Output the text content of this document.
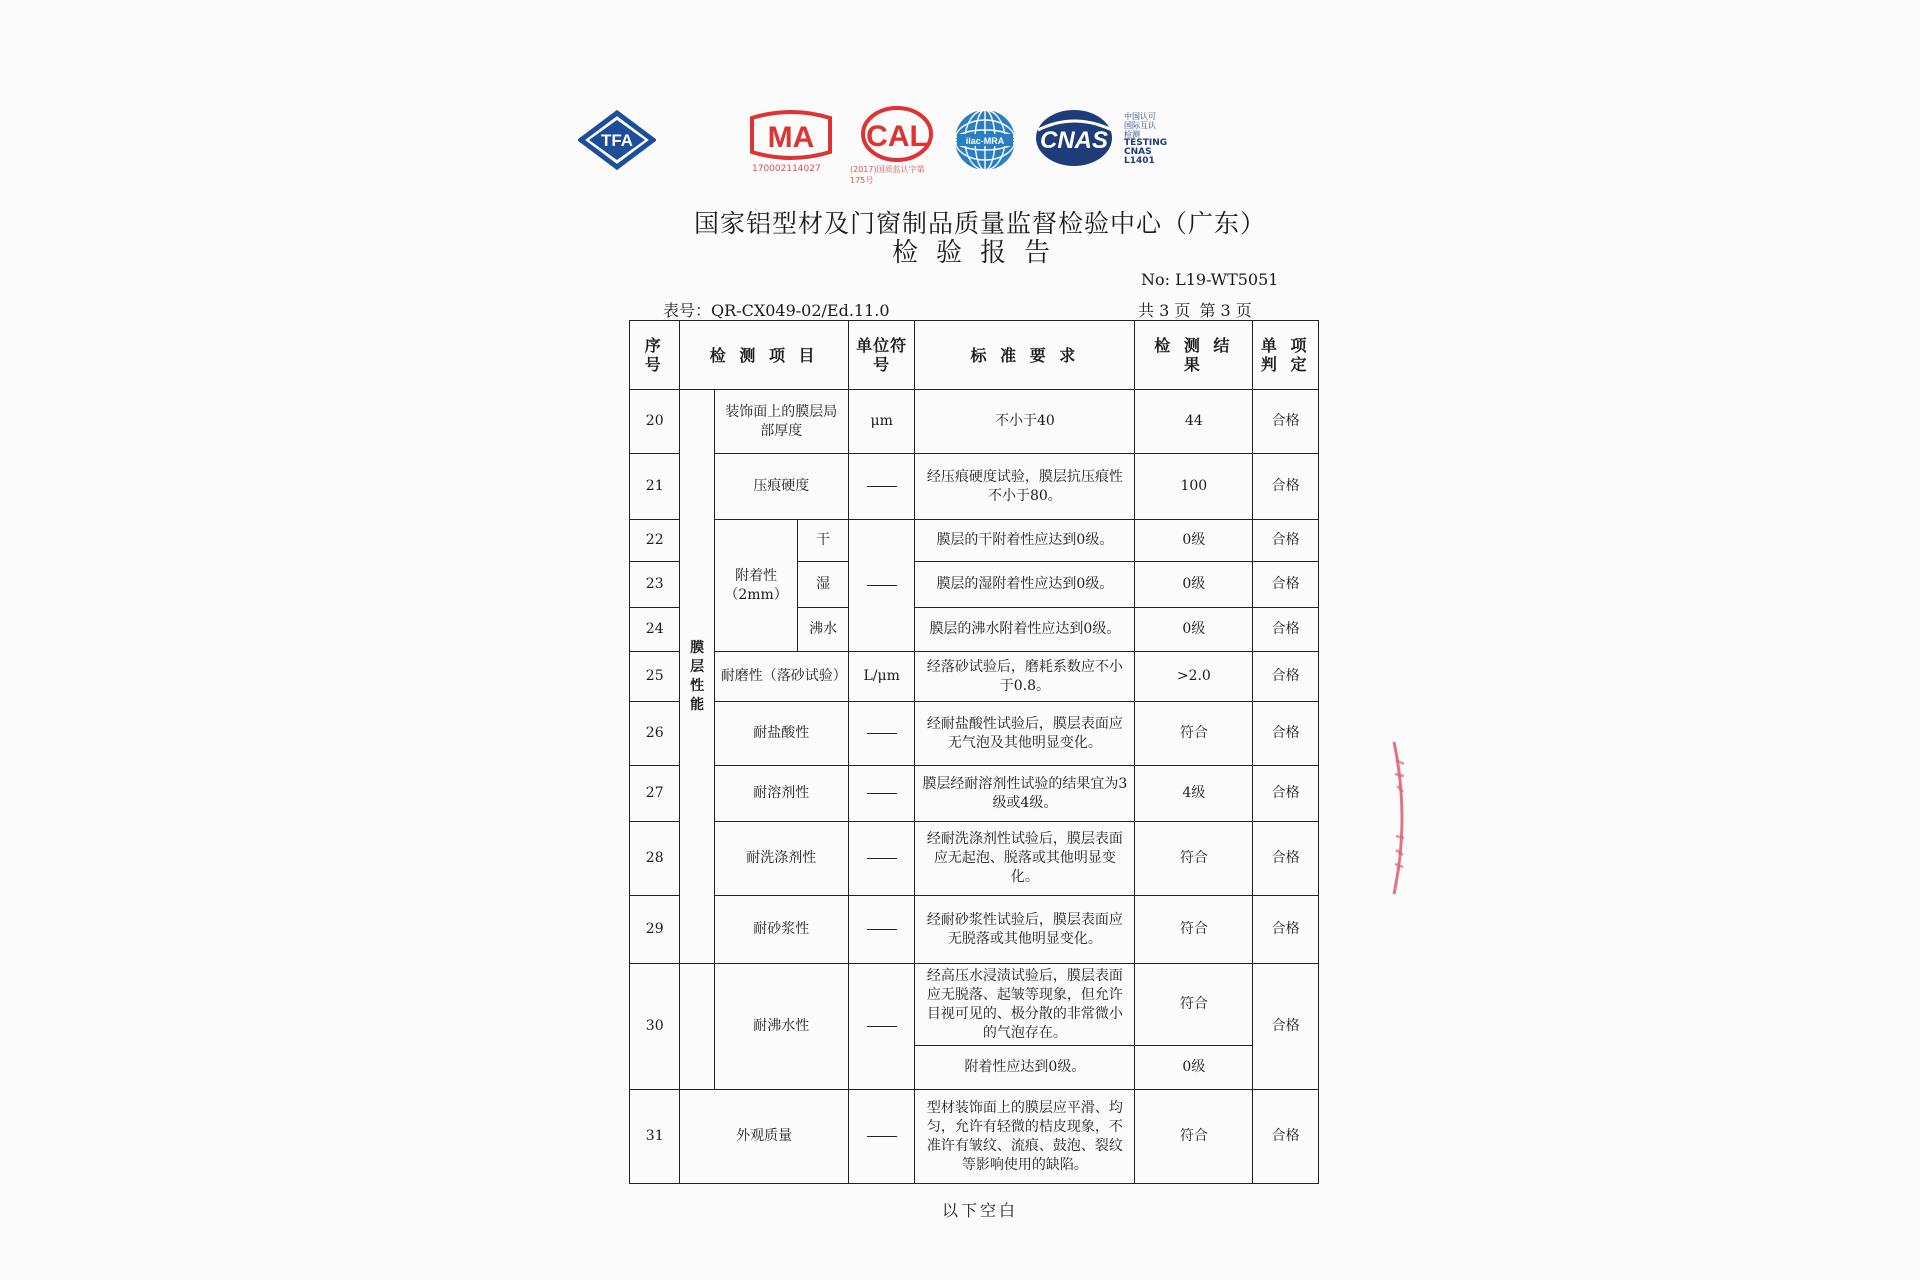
TFA	MA
170002114027
CAL
(2017)国质监认字第175号
ilac-MRA CNAS
中国认可
国际互认
检测
TESTING
CNAS L1401
国家铝型材及门窗制品质量监督检验中心（广东）
检验报告
No: L19-WT5051
表号：QR-CX049-02/Ed.11.0	共 3 页 第 3 页
序号	检 测 项 目			单位符号	标 准 要 求	检 测 结 果	单 项 判 定
20	膜层性能	装饰面上的膜层局部厚度		μm	不小于40	44	合格
21		压痕硬度			经压痕硬度试验，膜层抗压痕性不小于80。	100	合格
22		附着性（2mm）	干		膜层的干附着性应达到0级。	0级	合格
23			湿		膜层的湿附着性应达到0级。	0级	合格
24			沸水		膜层的沸水附着性应达到0级。	0级	合格
25		耐磨性（落砂试验）		L/μm	经落砂试验后，磨耗系数应不小于0.8。	>2.0	合格
26		耐盐酸性			经耐盐酸性试验后，膜层表面应无气泡及其他明显变化。	符合	合格
27		耐溶剂性			膜层经耐溶剂性试验的结果宜为3级或4级。	4级	合格
28		耐洗涤剂性			经耐洗涤剂性试验后，膜层表面应无起泡、脱落或其他明显变化。	符合	合格
29		耐砂浆性			经耐砂浆性试验后，膜层表面应无脱落或其他明显变化。	符合	合格
30		耐沸水性			经高压水浸渍试验后，膜层表面应无脱落、起皱等现象，但允许目视可见的、极分散的非常微小的气泡存在。	符合	合格
					附着性应达到0级。	0级	
31	外观质量				型材装饰面上的膜层应平滑、均匀，允许有轻微的桔皮现象，不准许有皱纹、流痕、鼓泡、裂纹等影响使用的缺陷。	符合	合格
以下空白
